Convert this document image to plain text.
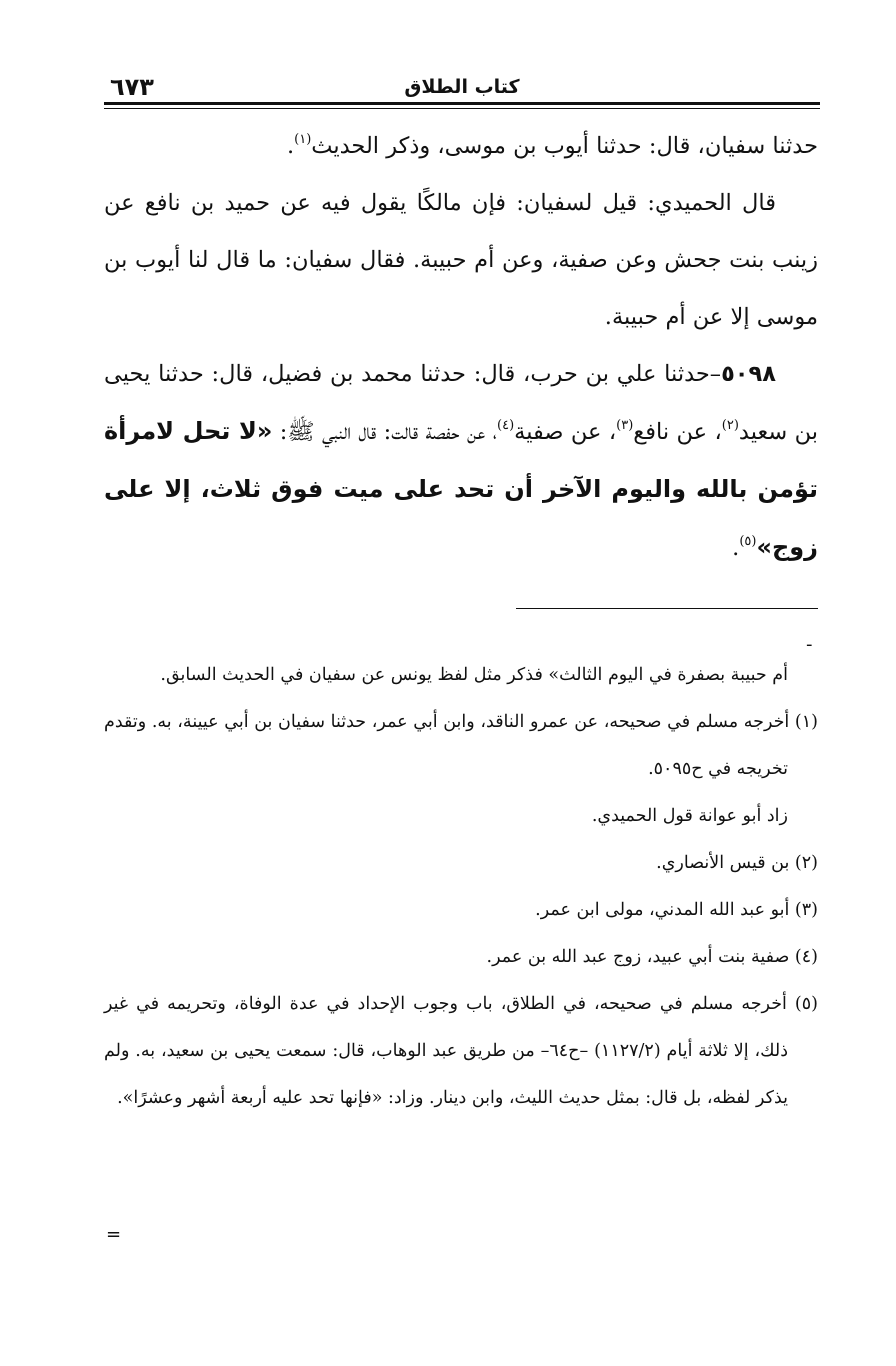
٦٧٣	كتاب الطلاق

حدثنا سفيان، قال: حدثنا أيوب بن موسى، وذكر الحديث$^{(١)}$.

قال الحميدي: قيل لسفيان: فإن مالكًا يقول فيه عن حميد بن نافع عن زينب بنت جحش وعن صفية، وعن أم حبيبة. فقال سفيان: ما قال لنا أيوب بن موسى إلا عن أم حبيبة.

٥٠٩٨–حدثنا علي بن حرب، قال: حدثنا محمد بن فضيل، قال: حدثنا يحيى بن سعيد$^{(٢)}$، عن نافع$^{(٣)}$، عن صفية$^{(٤)}$، عن حفصة قالت: قال النبي ﷺ: «لا تحل لامرأة تؤمن بالله واليوم الآخر أن تحد على ميت فوق ثلاث، إلا على زوج»$^{(٥)}$.

-

أم حبيبة بصفرة في اليوم الثالث» فذكر مثل لفظ يونس عن سفيان في الحديث السابق.

(١) أخرجه مسلم في صحيحه، عن عمرو الناقد، وابن أبي عمر، حدثنا سفيان بن أبي عيينة، به. وتقدم تخريجه في ح٥٠٩٥.

زاد أبو عوانة قول الحميدي.

(٢) بن قيس الأنصاري.

(٣) أبو عبد الله المدني، مولى ابن عمر.

(٤) صفية بنت أبي عبيد، زوج عبد الله بن عمر.

(٥) أخرجه مسلم في صحيحه، في الطلاق، باب وجوب الإحداد في عدة الوفاة، وتحريمه في غير ذلك، إلا ثلاثة أيام (١١٢٧/٢) –ح٦٤– من طريق عبد الوهاب، قال: سمعت يحيى بن سعيد، به. ولم يذكر لفظه، بل قال: بمثل حديث الليث، وابن دينار. وزاد: «فإنها تحد عليه أربعة أشهر وعشرًا».

=
